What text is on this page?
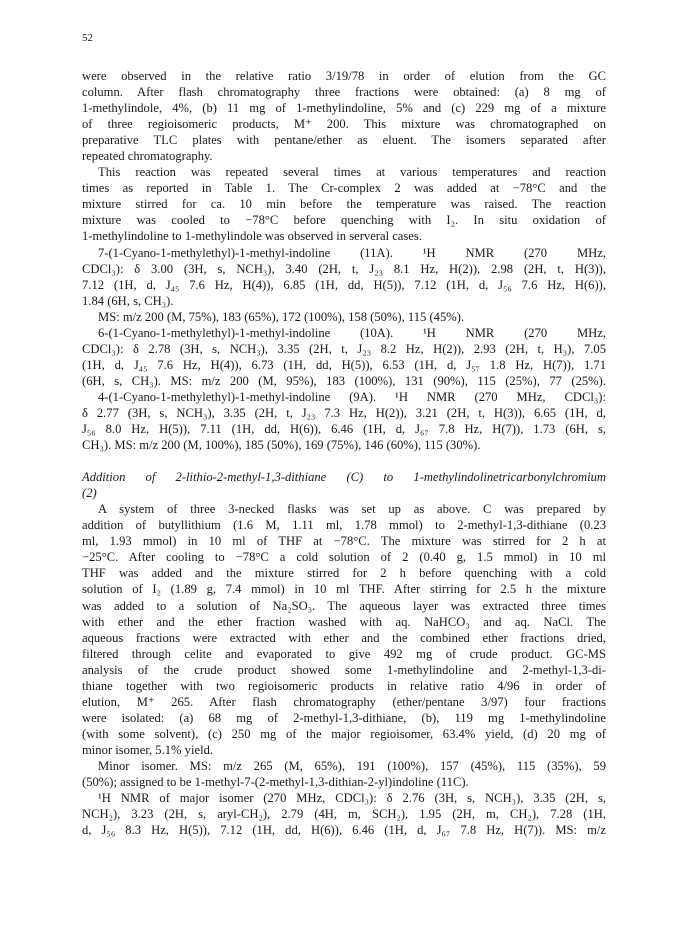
52
were observed in the relative ratio 3/19/78 in order of elution from the GC
column. After flash chromatography three fractions were obtained: (a) 8 mg of
1-methylindole, 4%, (b) 11 mg of 1-methylindoline, 5% and (c) 229 mg of a mixture
of three regioisomeric products, M⁺ 200. This mixture was chromatographed on
preparative TLC plates with pentane/ether as eluent. The isomers separated after
repeated chromatography.
This reaction was repeated several times at various temperatures and reaction
times as reported in Table 1. The Cr-complex 2 was added at −78°C and the
mixture stirred for ca. 10 min before the temperature was raised. The reaction
mixture was cooled to −78°C before quenching with I₂. In situ oxidation of
1-methylindoline to 1-methylindole was observed in serveral cases.
7-(1-Cyano-1-methylethyl)-1-methyl-indoline (11A). ¹H NMR (270 MHz,
CDCl₃): δ 3.00 (3H, s, NCH₃), 3.40 (2H, t, J₂₃ 8.1 Hz, H(2)), 2.98 (2H, t, H(3)),
7.12 (1H, d, J₄₅ 7.6 Hz, H(4)), 6.85 (1H, dd, H(5)), 7.12 (1H, d, J₅₆ 7.6 Hz, H(6)),
1.84 (6H, s, CH₃).
MS: m/z 200 (M, 75%), 183 (65%), 172 (100%), 158 (50%), 115 (45%).
6-(1-Cyano-1-methylethyl)-1-methyl-indoline (10A). ¹H NMR (270 MHz,
CDCl₃): δ 2.78 (3H, s, NCH₃), 3.35 (2H, t, J₂₃ 8.2 Hz, H(2)), 2.93 (2H, t, H₃), 7.05
(1H, d, J₄₅ 7.6 Hz, H(4)), 6.73 (1H, dd, H(5)), 6.53 (1H, d, J₅₇ 1.8 Hz, H(7)), 1.71
(6H, s, CH₃). MS: m/z 200 (M, 95%), 183 (100%), 131 (90%), 115 (25%), 77 (25%).
4-(1-Cyano-1-methylethyl)-1-methyl-indoline (9A). ¹H NMR (270 MHz, CDCl₃):
δ 2.77 (3H, s, NCH₃), 3.35 (2H, t, J₂₃ 7.3 Hz, H(2)), 3.21 (2H, t, H(3)), 6.65 (1H, d,
J₅₆ 8.0 Hz, H(5)), 7.11 (1H, dd, H(6)), 6.46 (1H, d, J₆₇ 7.8 Hz, H(7)), 1.73 (6H, s,
CH₃). MS: m/z 200 (M, 100%), 185 (50%), 169 (75%), 146 (60%), 115 (30%).
Addition of 2-lithio-2-methyl-1,3-dithiane (C) to 1-methylindolinetricarbonylchromium
(2)
A system of three 3-necked flasks was set up as above. C was prepared by
addition of butyllithium (1.6 M, 1.11 ml, 1.78 mmol) to 2-methyl-1,3-dithiane (0.23
ml, 1.93 mmol) in 10 ml of THF at −78°C. The mixture was stirred for 2 h at
−25°C. After cooling to −78°C a cold solution of 2 (0.40 g, 1.5 mmol) in 10 ml
THF was added and the mixture stirred for 2 h before quenching with a cold
solution of I₂ (1.89 g, 7.4 mmol) in 10 ml THF. After stirring for 2.5 h the mixture
was added to a solution of Na₂SO₃. The aqueous layer was extracted three times
with ether and the ether fraction washed with aq. NaHCO₃ and aq. NaCl. The
aqueous fractions were extracted with ether and the combined ether fractions dried,
filtered through celite and evaporated to give 492 mg of crude product. GC-MS
analysis of the crude product showed some 1-methylindoline and 2-methyl-1,3-di-
thiane together with two regioisomeric products in relative ratio 4/96 in order of
elution, M⁺ 265. After flash chromatography (ether/pentane 3/97) four fractions
were isolated: (a) 68 mg of 2-methyl-1,3-dithiane, (b), 119 mg 1-methylindoline
(with some solvent), (c) 250 mg of the major regioisomer, 63.4% yield, (d) 20 mg of
minor isomer, 5.1% yield.
Minor isomer. MS: m/z 265 (M, 65%), 191 (100%), 157 (45%), 115 (35%), 59
(50%); assigned to be 1-methyl-7-(2-methyl-1,3-dithian-2-yl)indoline (11C).
¹H NMR of major isomer (270 MHz, CDCl₃): δ 2.76 (3H, s, NCH₃), 3.35 (2H, s,
NCH₂), 3.23 (2H, s, aryl-CH₂), 2.79 (4H, m, SCH₂), 1.95 (2H, m, CH₂), 7.28 (1H,
d, J₅₆ 8.3 Hz, H(5)), 7.12 (1H, dd, H(6)), 6.46 (1H, d, J₆₇ 7.8 Hz, H(7)). MS: m/z
